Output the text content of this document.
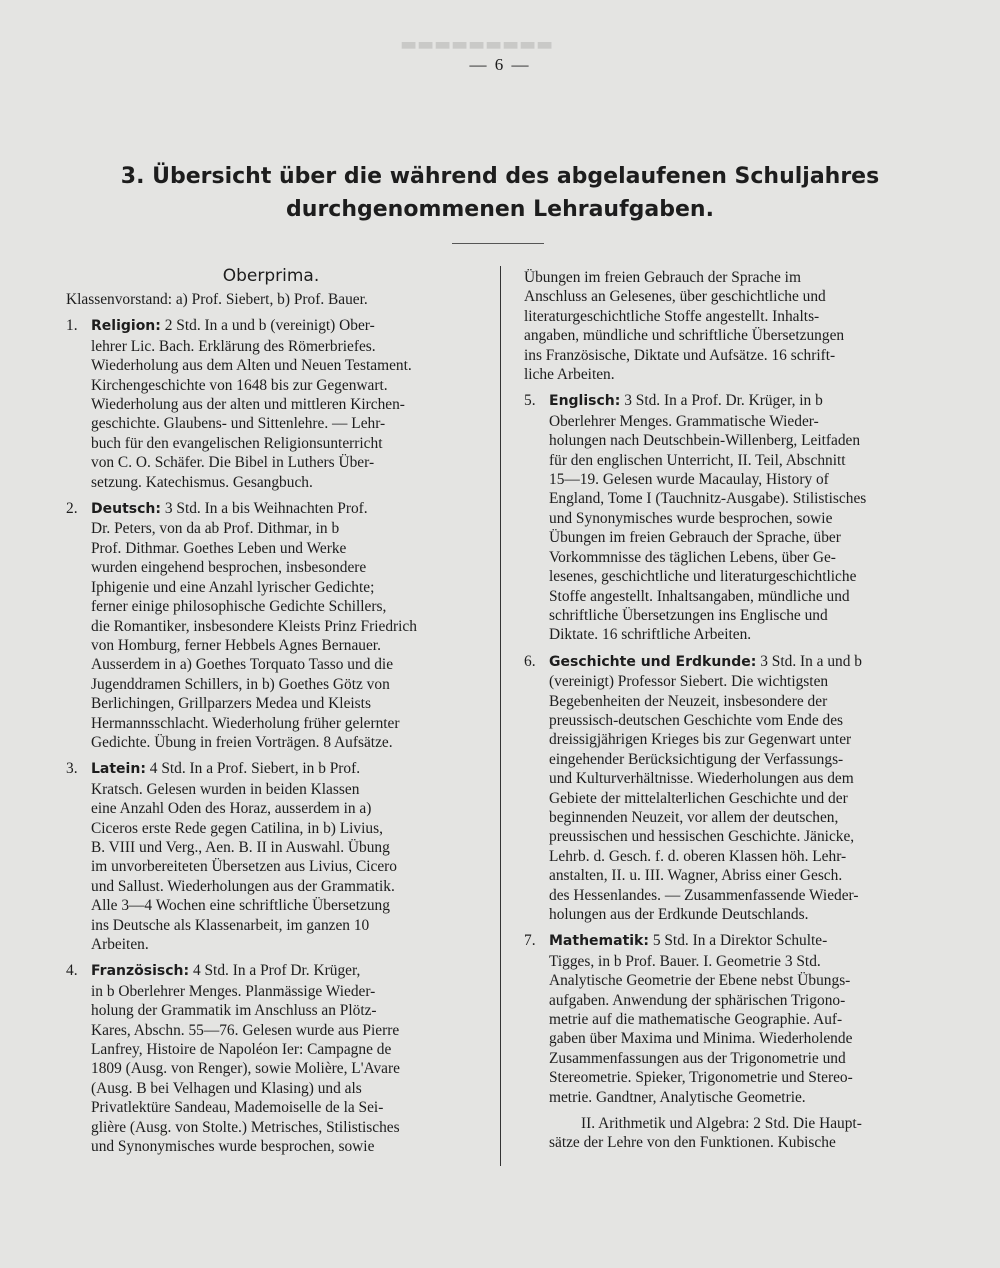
▬▬▬▬▬▬▬▬▬
— 6 —
3. Übersicht über die während des abgelaufenen Schuljahres
durchgenommenen Lehraufgaben.
Oberprima.
Klassenvorstand: a) Prof. Siebert, b) Prof. Bauer.
1. Religion: 2 Std. In a und b (vereinigt) Ober-
lehrer Lic. Bach. Erklärung des Römerbriefes.
Wiederholung aus dem Alten und Neuen Testament.
Kirchengeschichte von 1648 bis zur Gegenwart.
Wiederholung aus der alten und mittleren Kirchen-
geschichte. Glaubens- und Sittenlehre. — Lehr-
buch für den evangelischen Religionsunterricht
von C. O. Schäfer. Die Bibel in Luthers Über-
setzung. Katechismus. Gesangbuch.
2. Deutsch: 3 Std. In a bis Weihnachten Prof.
Dr. Peters, von da ab Prof. Dithmar, in b
Prof. Dithmar. Goethes Leben und Werke
wurden eingehend besprochen, insbesondere
Iphigenie und eine Anzahl lyrischer Gedichte;
ferner einige philosophische Gedichte Schillers,
die Romantiker, insbesondere Kleists Prinz Friedrich
von Homburg, ferner Hebbels Agnes Bernauer.
Ausserdem in a) Goethes Torquato Tasso und die
Jugenddramen Schillers, in b) Goethes Götz von
Berlichingen, Grillparzers Medea und Kleists
Hermannsschlacht. Wiederholung früher gelernter
Gedichte. Übung in freien Vorträgen. 8 Aufsätze.
3. Latein: 4 Std. In a Prof. Siebert, in b Prof.
Kratsch. Gelesen wurden in beiden Klassen
eine Anzahl Oden des Horaz, ausserdem in a)
Ciceros erste Rede gegen Catilina, in b) Livius,
B. VIII und Verg., Aen. B. II in Auswahl. Übung
im unvorbereiteten Übersetzen aus Livius, Cicero
und Sallust. Wiederholungen aus der Grammatik.
Alle 3—4 Wochen eine schriftliche Übersetzung
ins Deutsche als Klassenarbeit, im ganzen 10
Arbeiten.
4. Französisch: 4 Std. In a Prof Dr. Krüger,
in b Oberlehrer Menges. Planmässige Wieder-
holung der Grammatik im Anschluss an Plötz-
Kares, Abschn. 55—76. Gelesen wurde aus Pierre
Lanfrey, Histoire de Napoléon Ier: Campagne de
1809 (Ausg. von Renger), sowie Molière, L'Avare
(Ausg. B bei Velhagen und Klasing) und als
Privatlektüre Sandeau, Mademoiselle de la Sei-
glière (Ausg. von Stolte.) Metrisches, Stilistisches
und Synonymisches wurde besprochen, sowie
Übungen im freien Gebrauch der Sprache im
Anschluss an Gelesenes, über geschichtliche und
literaturgeschichtliche Stoffe angestellt. Inhalts-
angaben, mündliche und schriftliche Übersetzungen
ins Französische, Diktate und Aufsätze. 16 schrift-
liche Arbeiten.
5. Englisch: 3 Std. In a Prof. Dr. Krüger, in b
Oberlehrer Menges. Grammatische Wieder-
holungen nach Deutschbein-Willenberg, Leitfaden
für den englischen Unterricht, II. Teil, Abschnitt
15—19. Gelesen wurde Macaulay, History of
England, Tome I (Tauchnitz-Ausgabe). Stilistisches
und Synonymisches wurde besprochen, sowie
Übungen im freien Gebrauch der Sprache, über
Vorkommnisse des täglichen Lebens, über Ge-
lesenes, geschichtliche und literaturgeschichtliche
Stoffe angestellt. Inhaltsangaben, mündliche und
schriftliche Übersetzungen ins Englische und
Diktate. 16 schriftliche Arbeiten.
6. Geschichte und Erdkunde: 3 Std. In a und b
(vereinigt) Professor Siebert. Die wichtigsten
Begebenheiten der Neuzeit, insbesondere der
preussisch-deutschen Geschichte vom Ende des
dreissigjährigen Krieges bis zur Gegenwart unter
eingehender Berücksichtigung der Verfassungs-
und Kulturverhältnisse. Wiederholungen aus dem
Gebiete der mittelalterlichen Geschichte und der
beginnenden Neuzeit, vor allem der deutschen,
preussischen und hessischen Geschichte. Jänicke,
Lehrb. d. Gesch. f. d. oberen Klassen höh. Lehr-
anstalten, II. u. III. Wagner, Abriss einer Gesch.
des Hessenlandes. — Zusammenfassende Wieder-
holungen aus der Erdkunde Deutschlands.
7. Mathematik: 5 Std. In a Direktor Schulte-
Tigges, in b Prof. Bauer. I. Geometrie 3 Std.
Analytische Geometrie der Ebene nebst Übungs-
aufgaben. Anwendung der sphärischen Trigono-
metrie auf die mathematische Geographie. Auf-
gaben über Maxima und Minima. Wiederholende
Zusammenfassungen aus der Trigonometrie und
Stereometrie. Spieker, Trigonometrie und Stereo-
metrie. Gandtner, Analytische Geometrie.
II. Arithmetik und Algebra: 2 Std. Die Haupt-
sätze der Lehre von den Funktionen. Kubische
